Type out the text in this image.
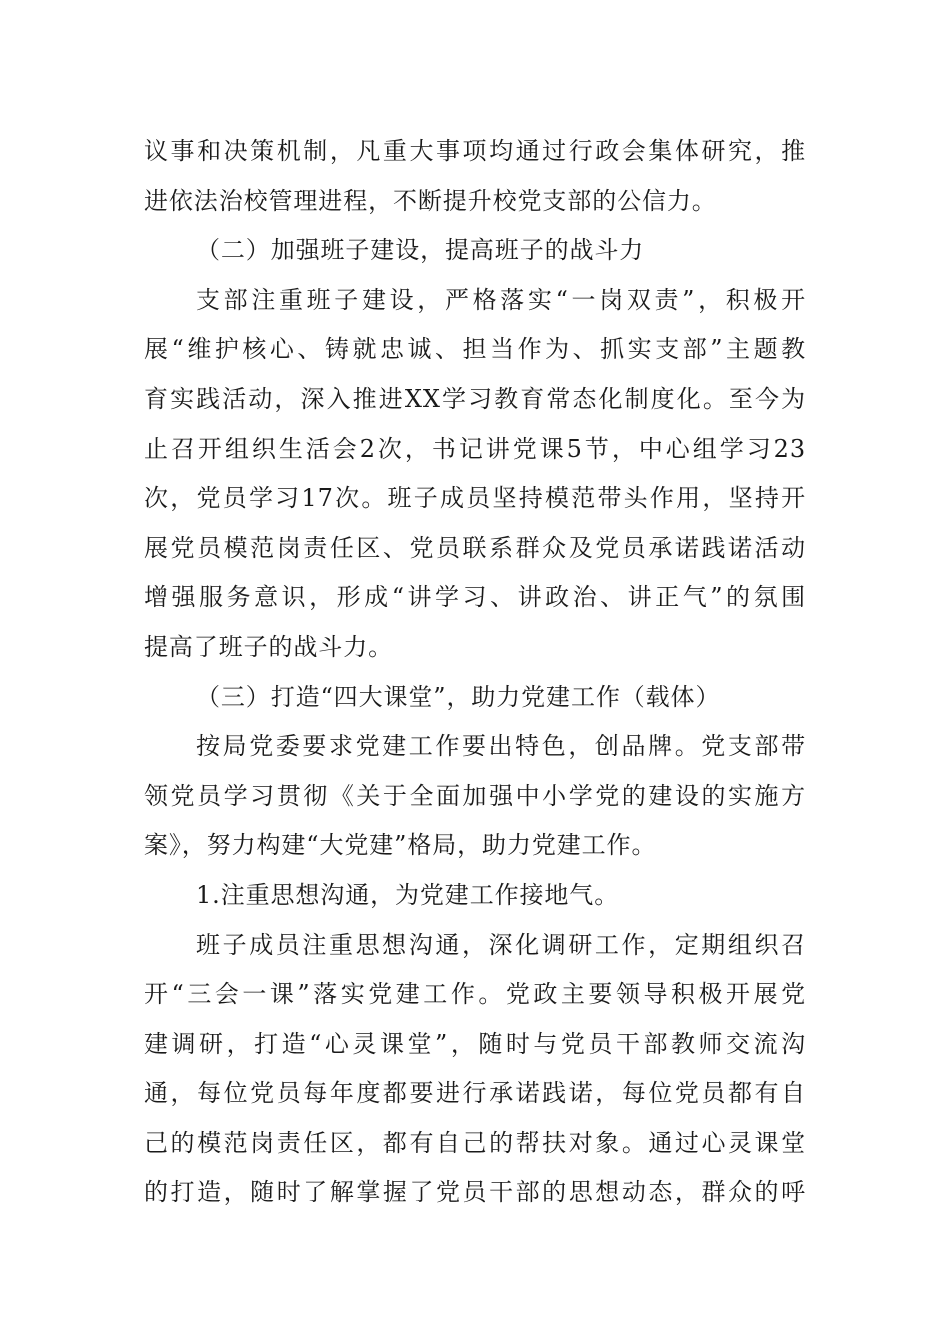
议事和决策机制，凡重大事项均通过行政会集体研究，推
进依法治校管理进程，不断提升校党支部的公信力。
（二）加强班子建设，提高班子的战斗力
支部注重班子建设，严格落实“一岗双责”，积极开
展“维护核心、铸就忠诚、担当作为、抓实支部”主题教
育实践活动，深入推进XX学习教育常态化制度化。至今为
止召开组织生活会2次，书记讲党课5节，中心组学习23
次，党员学习17次。班子成员坚持模范带头作用，坚持开
展党员模范岗责任区、党员联系群众及党员承诺践诺活动
增强服务意识，形成“讲学习、讲政治、讲正气”的氛围
提高了班子的战斗力。
（三）打造“四大课堂”，助力党建工作（载体）
按局党委要求党建工作要出特色，创品牌。党支部带
领党员学习贯彻《关于全面加强中小学党的建设的实施方
案》，努力构建“大党建”格局，助力党建工作。
1.注重思想沟通，为党建工作接地气。
班子成员注重思想沟通，深化调研工作，定期组织召
开“三会一课”落实党建工作。党政主要领导积极开展党
建调研，打造“心灵课堂”，随时与党员干部教师交流沟
通，每位党员每年度都要进行承诺践诺，每位党员都有自
己的模范岗责任区，都有自己的帮扶对象。通过心灵课堂
的打造，随时了解掌握了党员干部的思想动态，群众的呼
